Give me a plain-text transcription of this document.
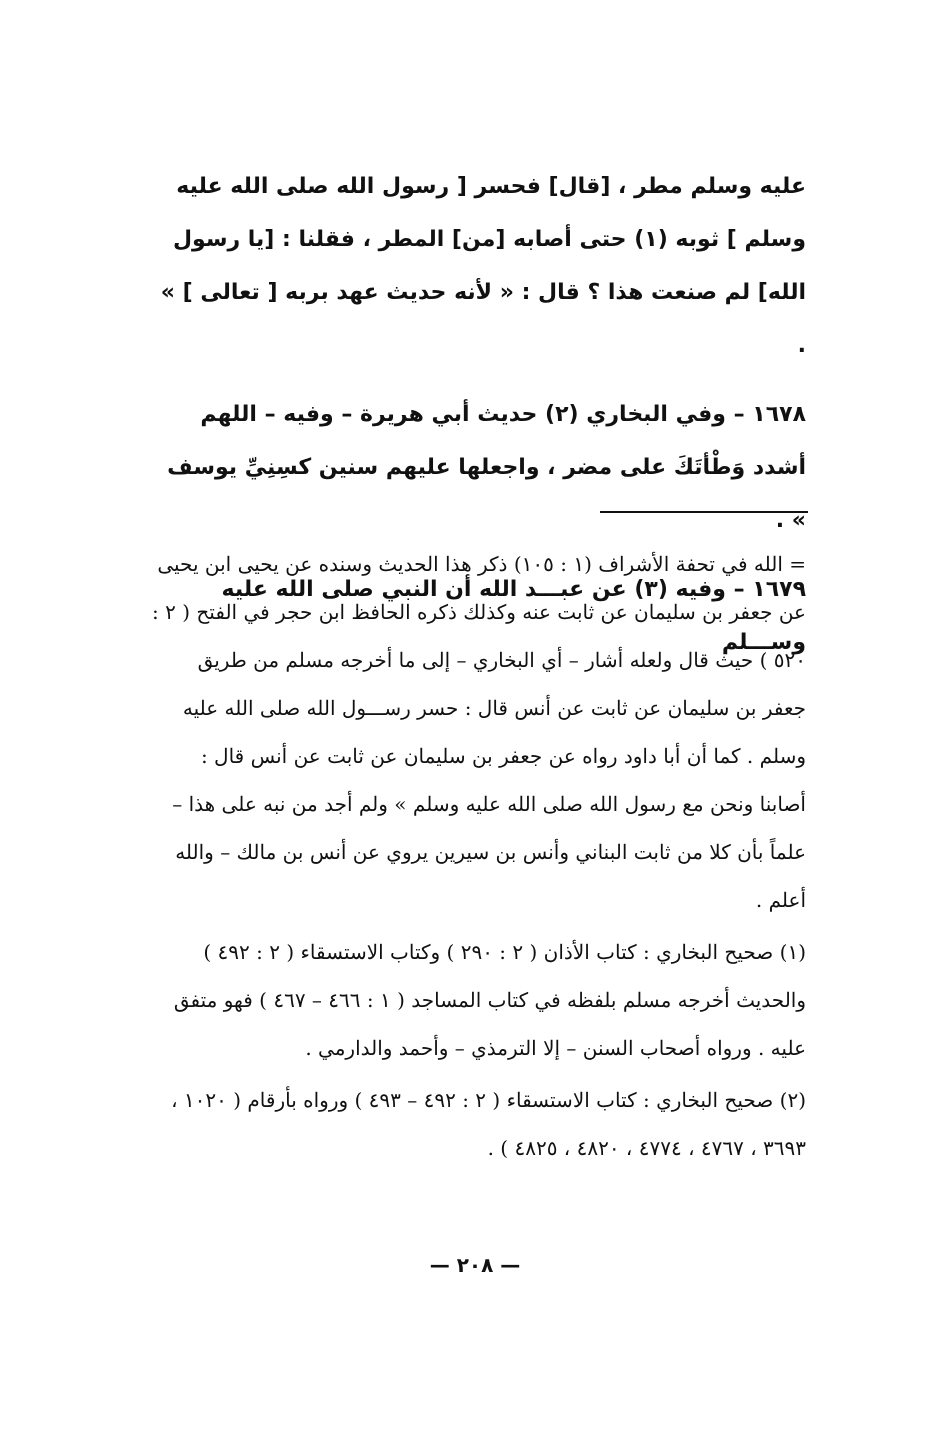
عليه وسلم مطر ، [قال] فحسر [ رسول الله صلى الله عليه وسلم ] ثوبه (١) حتى أصابه [من] المطر ، فقلنا : [يا رسول الله] لم صنعت هذا ؟ قال : « لأنه حديث عهد بربه [ تعالى ] » .

١٦٧٨ – وفي البخاري (٢) حديث أبي هريرة – وفيه – اللهم أشدد وَطْأتَكَ على مضر ، واجعلها عليهم سنين كسِنِيِّ يوسف » .

١٦٧٩ – وفيه (٣) عن عبـــد الله أن النبي صلى الله عليه وســـلم

= الله في تحفة الأشراف (١ : ١٠٥) ذكر هذا الحديث وسنده عن يحيى ابن يحيى عن جعفر بن سليمان عن ثابت عنه وكذلك ذكره الحافظ ابن حجر في الفتح ( ٢ : ٥٢٠ ) حيث قال ولعله أشار – أي البخاري – إلى ما أخرجه مسلم من طريق جعفر بن سليمان عن ثابت عن أنس قال : حسر رســـول الله صلى الله عليه وسلم . كما أن أبا داود رواه عن جعفر بن سليمان عن ثابت عن أنس قال : أصابنا ونحن مع رسول الله صلى الله عليه وسلم » ولم أجد من نبه على هذا – علماً بأن كلا من ثابت البناني وأنس بن سيرين يروي عن أنس بن مالك – والله أعلم .

(١) صحيح البخاري : كتاب الأذان ( ٢ : ٢٩٠ ) وكتاب الاستسقاء ( ٢ : ٤٩٢ ) والحديث أخرجه مسلم بلفظه في كتاب المساجد ( ١ : ٤٦٦ – ٤٦٧ ) فهو متفق عليه . ورواه أصحاب السنن – إلا الترمذي – وأحمد والدارمي .

(٢) صحيح البخاري : كتاب الاستسقاء ( ٢ : ٤٩٢ – ٤٩٣ ) ورواه بأرقام ( ١٠٢٠ ، ٣٦٩٣ ، ٤٧٦٧ ، ٤٧٧٤ ، ٤٨٢٠ ، ٤٨٢٥ ) .

— ٢٠٨ —
